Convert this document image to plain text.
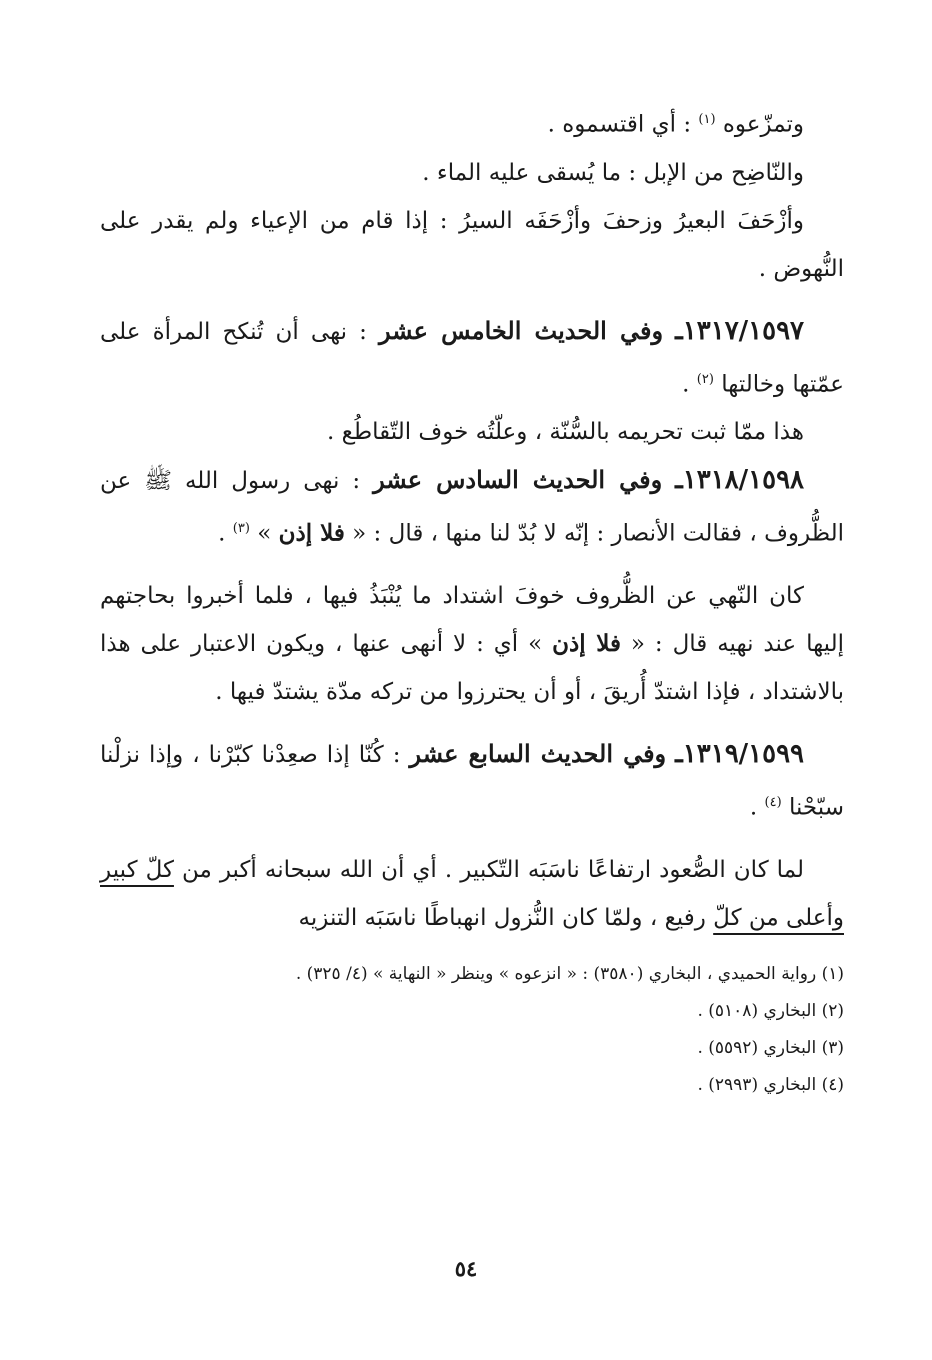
وتمزّعوه $^{(١)}$ : أي اقتسموه .

والنّاضِح من الإبل : ما يُسقى عليه الماء .

وأزْحَفَ البعيرُ وزحفَ وأزْحَفَه السيرُ : إذا قام من الإعياء ولم يقدر على النُّهوض .

١٣١٧/١٥٩٧ـ وفي الحديث الخامس عشر : نهى أن تُنكح المرأة على عمّتها وخالتها $^{(٢)}$ .

هذا ممّا ثبت تحريمه بالسُّنّة ، وعلّتُه خوف التّقاطُع .

١٣١٨/١٥٩٨ـ وفي الحديث السادس عشر : نهى رسول الله ﷺ عن الظُّروف ، فقالت الأنصار : إنّه لا بُدّ لنا منها ، قال : « فلا إذن » $^{(٣)}$ .

كان النّهي عن الظُّروف خوفَ اشتداد ما يُنْبَذُ فيها ، فلما أخبروا بحاجتهم إليها عند نهيه قال : « فلا إذن » أي : لا أنهى عنها ، ويكون الاعتبار على هذا بالاشتداد ، فإذا اشتدّ أُريقَ ، أو أن يحترزوا من تركه مدّة يشتدّ فيها .

١٣١٩/١٥٩٩ـ وفي الحديث السابع عشر : كُنّا إذا صعِدْنا كبّرْنا ، وإذا نزلْنا سبّحْنا $^{(٤)}$ .

لما كان الصُّعود ارتفاعًا ناسَبَه التّكبير . أي أن الله سبحانه أكبر من كلّ كبير وأعلى من كلّ رفيع ، ولمّا كان النُّزول انهباطًا ناسَبَه التنزيه

(١) رواية الحميدي ، البخاري (٣٥٨٠) : « انزعوه » وينظر « النهاية » (٤/ ٣٢٥) .

(٢) البخاري (٥١٠٨) .

(٣) البخاري (٥٥٩٢) .

(٤) البخاري (٢٩٩٣) .

٥٤
